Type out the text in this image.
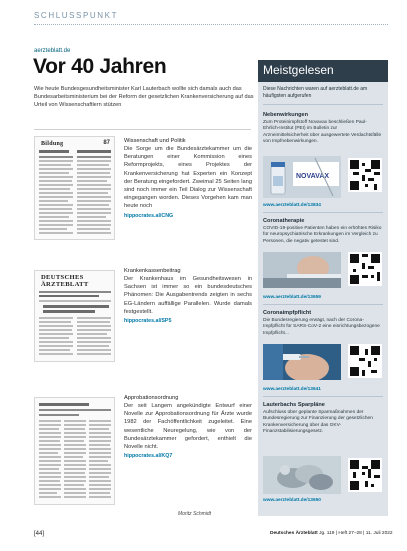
SCHLUSSPUNKT
aerzteblatt.de
Vor 40 Jahren

Wie heute Bundesgesundheitsminister Karl Lauterbach wollte sich damals auch das Bundesarbeitsministerium bei der Reform der gesetzlichen Krankenversicherung auf das Urteil von Wissenschaftlern stützen

Bildung	87 Wissenschaft und Politik
Die Sorge um die Bundesärztekammer um die Beratungen einer Kommission eines Reformprojekts, eines Projektes der Krankenversicherung hat Experten ein Konzept der Beratung eingefordert. Zweimal 25 Seiten lang sind noch immer ein Teil Dialog zur Wissenschaft eingegangen worden. Dieses Vorgehen kam man heute noch
hippocrates.al/CNG
DEUTSCHES
ÄRZTEBLATT
Krankenkassenbeitrag
Der Krankenhaus im Gesundheitswesen in Sachsen ist immer so ein bundesdeutsches Phänomen: Die Ausgabentrends zeigten in sechs EG-Ländern auffällige Parallelen. Wurde damals festgestellt.
hippocrates.al/SP5
Approbationsordnung
Der seit Langem angekündigte Entwurf einer Novelle zur Approbationsordnung für Ärzte wurde 1982 der Fachöffentlichkeit zugeleitet. Eine wesentliche Neuregelung, wie von der Bundesärztekammer gefordert, enthielt die Novelle nicht.
hippocrates.al/KQ7
Moritz Schmidt
Meistgelesen
Diese Nachrichten waren auf aerzteblatt.de am häufigsten aufgerufen
Nebenwirkungen
Zum Proteinimpfstoff Novavax beschließen Paul-Ehrlich-Institut (PEI) im Bulletin zur Arzneimittelsicherheit über ausgewertete Verdachtsfälle von Impfnebenwirkungen.
NOVAVAX
www.aerzteblatt.de/13834
Coronatherapie
COVID-19-positive Patienten haben ein erhöhtes Risiko für neuropsychiatrische Erkrankungen im Vergleich zu Personen, die negativ getestet sind.
www.aerzteblatt.de/13659
Coronaimpfpflicht
Die Bundesregierung erwägt, nach der Corona-Impfpflicht für SARS-CoV-2 eine einrichtungsbezogene Impfpflicht...
www.aerzteblatt.de/13641
Lauterbachs Sparpläne
Aufschluss über geplante Sparmaßnahmen der Bundesregierung zur Finanzierung der gesetzlichen Krankenversicherung über das GKV-Finanzstabilisierungsgesetz.
www.aerzteblatt.de/13650
[44]	Deutsches Ärzteblatt Jg. 119 | Heft 27–28 | 11. Juli 2022
